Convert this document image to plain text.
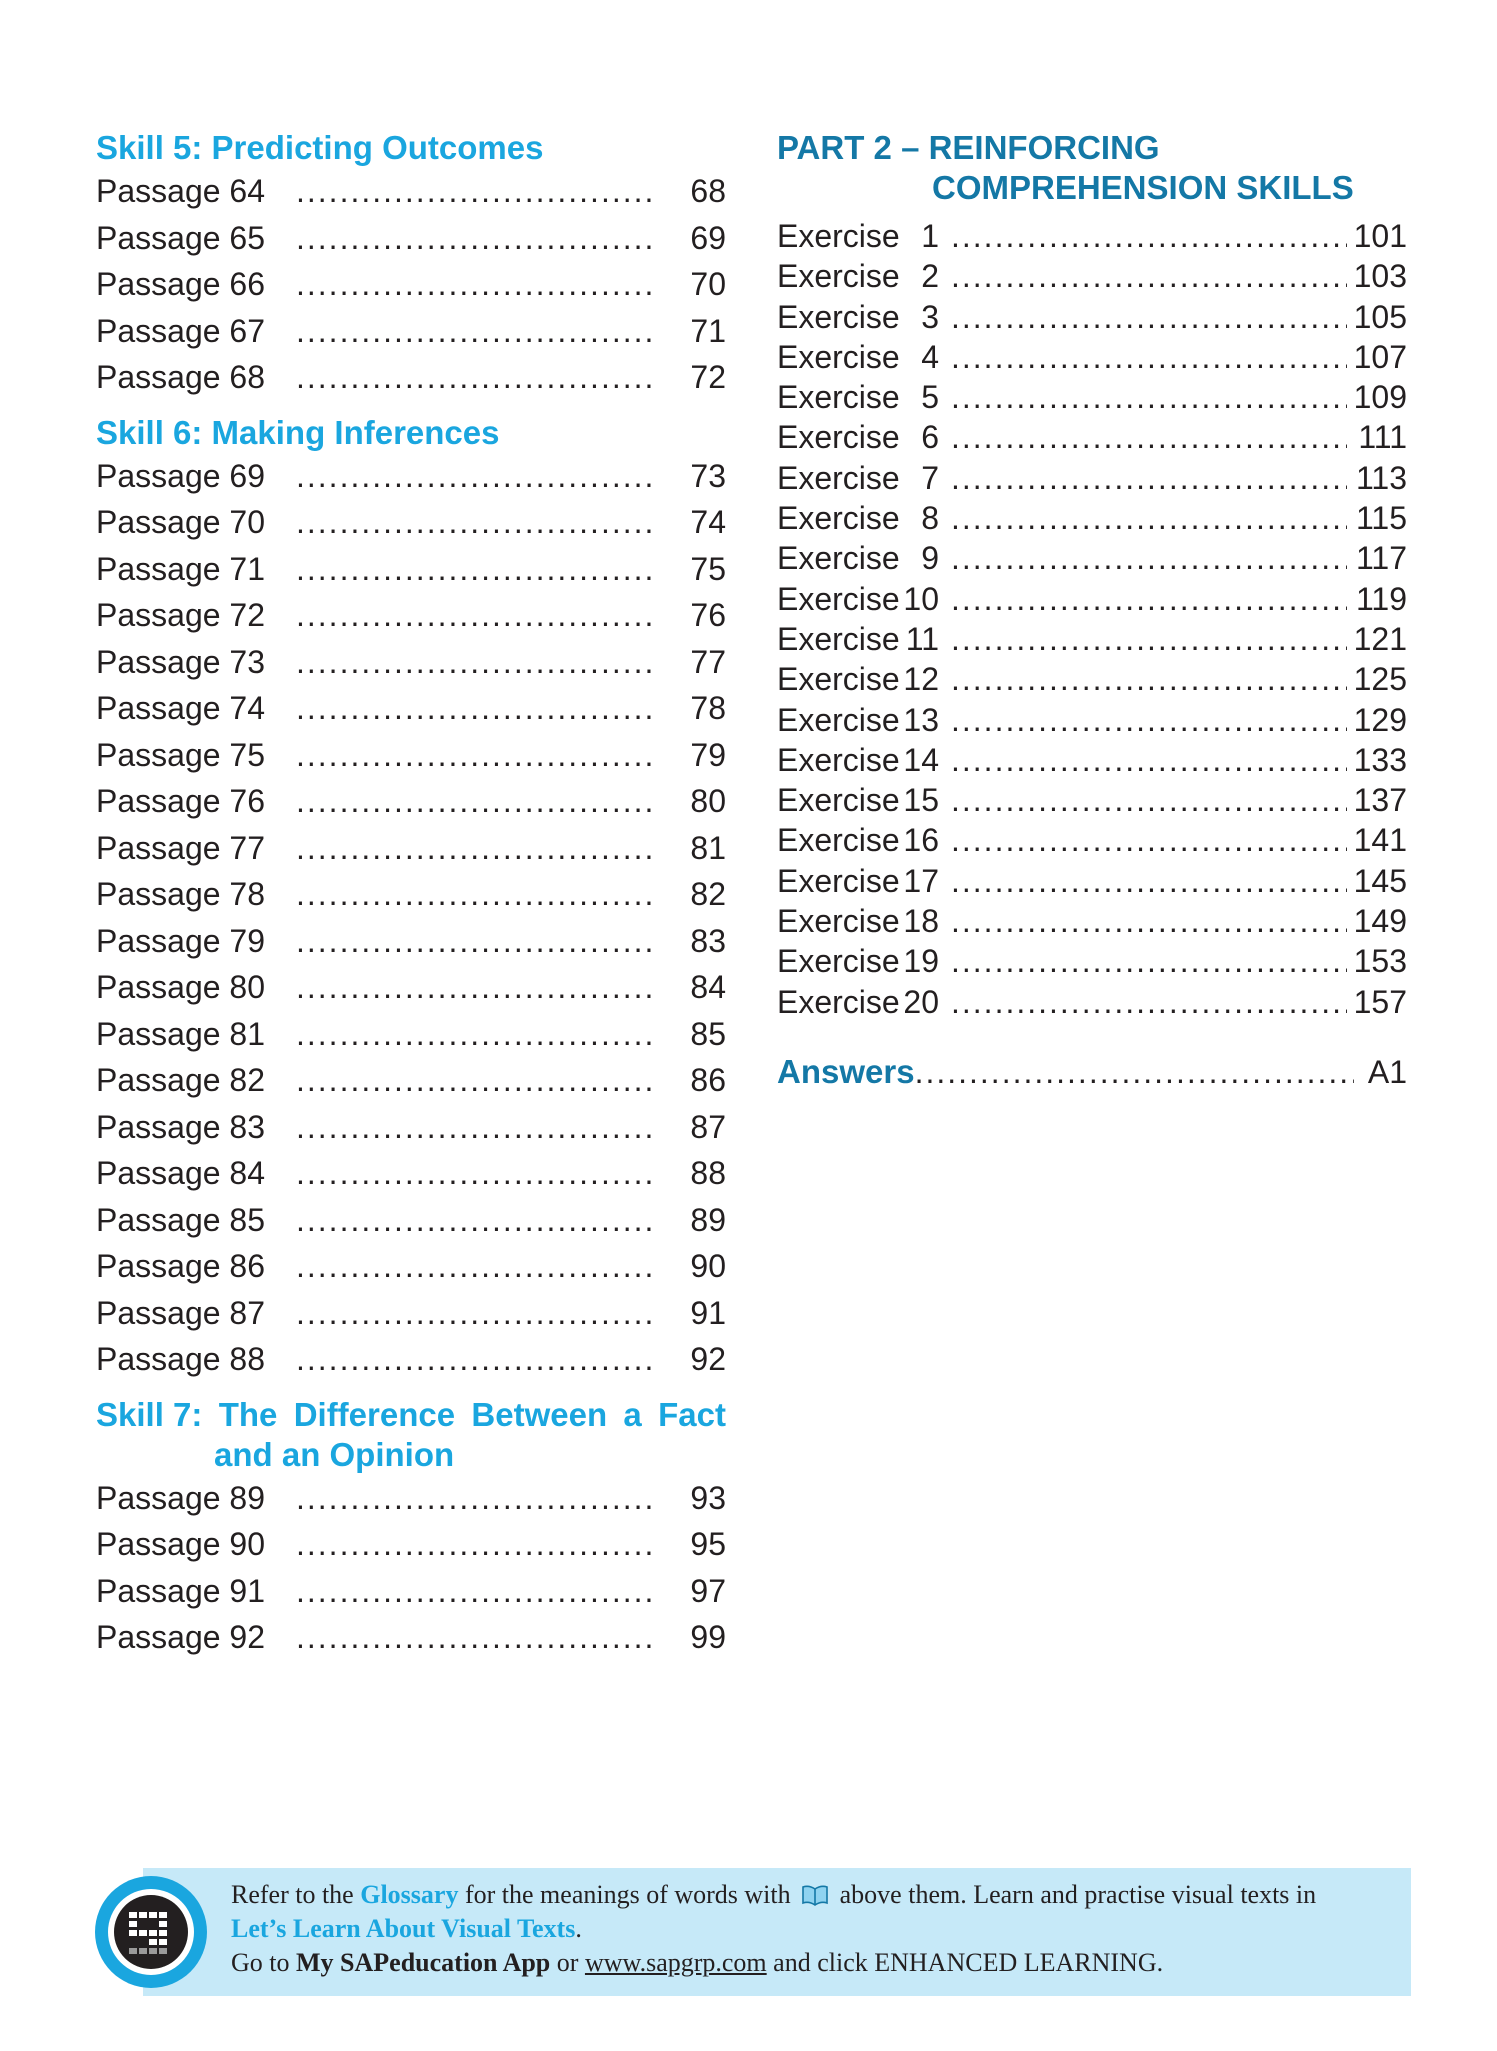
Skill 5: Predicting Outcomes
Passage 64 .....	68
Passage 65 .....	69
Passage 66 .....	70
Passage 67 .....	71
Passage 68 .....	72
Skill 6: Making Inferences
Passage 69 .....	73
Passage 70 .....	74
Passage 71 .....	75
Passage 72 .....	76
Passage 73 .....	77
Passage 74 .....	78
Passage 75 .....	79
Passage 76 .....	80
Passage 77 .....	81
Passage 78 .....	82
Passage 79 .....	83
Passage 80 .....	84
Passage 81 .....	85
Passage 82 .....	86
Passage 83 .....	87
Passage 84 .....	88
Passage 85 .....	89
Passage 86 .....	90
Passage 87 .....	91
Passage 88 .....	92
Skill 7: The Difference Between a Fact
and an Opinion
Passage 89 .....	93
Passage 90 .....	95
Passage 91 .....	97
Passage 92 .....	99
PART 2 – REINFORCING
COMPREHENSION SKILLS
Exercise 1 .....	101
Exercise 2 .....	103
Exercise 3 .....	105
Exercise 4 .....	107
Exercise 5 .....	109
Exercise 6 .....	111
Exercise 7 .....	113
Exercise 8 .....	115
Exercise 9 .....	117
Exercise 10 .....	119
Exercise 11 .....	121
Exercise 12 .....	125
Exercise 13 .....	129
Exercise 14 .....	133
Exercise 15 .....	137
Exercise 16 .....	141
Exercise 17 .....	145
Exercise 18 .....	149
Exercise 19 .....	153
Exercise 20 .....	157
Answers .....	A1
Refer to the Glossary for the meanings of words with  above them. Learn and practise visual texts in
Let’s Learn About Visual Texts.
Go to My SAPeducation App or www.sapgrp.com and click ENHANCED LEARNING.
